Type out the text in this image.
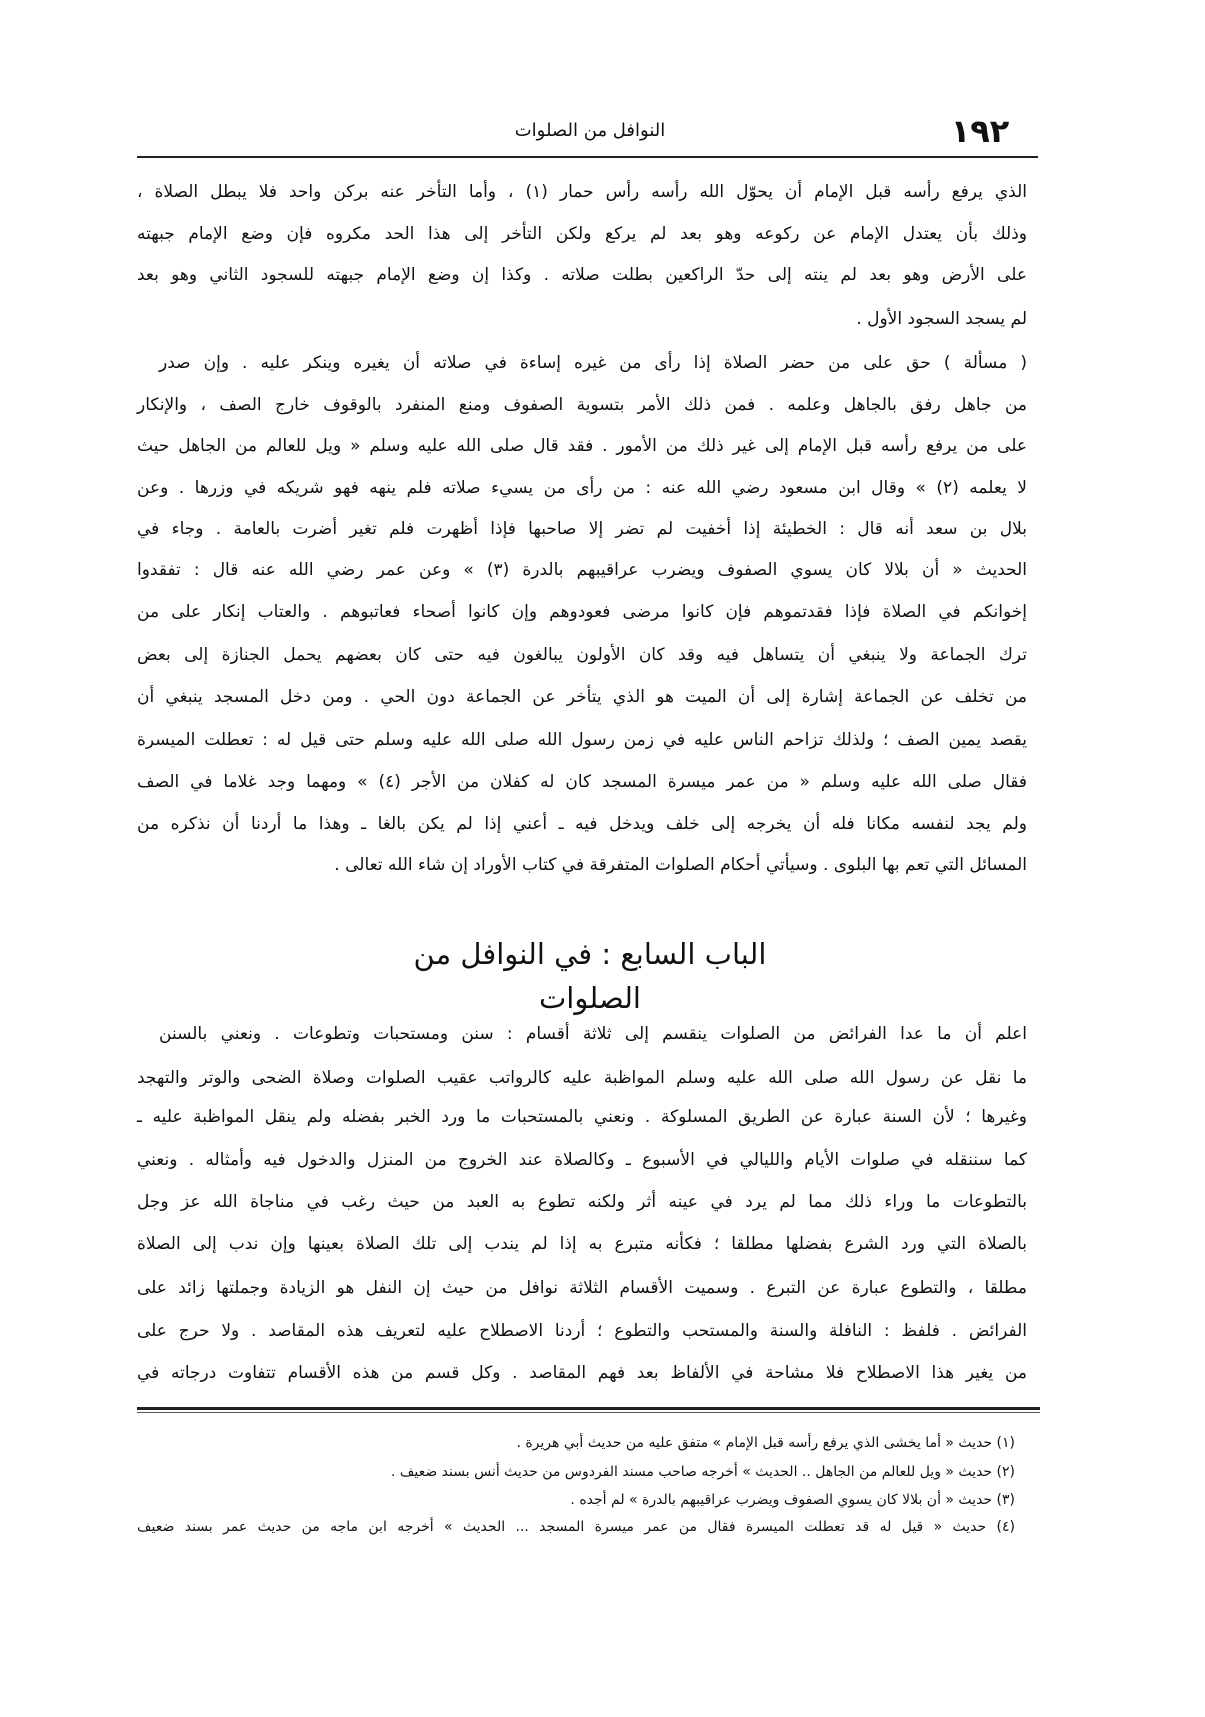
١٩٢
النوافل من الصلوات
الذي يرفع رأسه قبل الإمام أن يحوّل الله رأسه رأس حمار (١) ، وأما التأخر عنه بركن واحد فلا يبطل الصلاة ،
وذلك بأن يعتدل الإمام عن ركوعه وهو بعد لم يركع ولكن التأخر إلى هذا الحد مكروه فإن وضع الإمام جبهته
على الأرض وهو بعد لم ينته إلى حدّ الراكعين بطلت صلاته . وكذا إن وضع الإمام جبهته للسجود الثاني وهو بعد
لم يسجد السجود الأول .
( مسألة ) حق على من حضر الصلاة إذا رأى من غيره إساءة في صلاته أن يغيره وينكر عليه . وإن صدر
من جاهل رفق بالجاهل وعلمه . فمن ذلك الأمر بتسوية الصفوف ومنع المنفرد بالوقوف خارج الصف ، والإنكار
على من يرفع رأسه قبل الإمام إلى غير ذلك من الأمور . فقد قال صلى الله عليه وسلم « ويل للعالم من الجاهل حيث
لا يعلمه (٢) » وقال ابن مسعود رضي الله عنه : من رأى من يسيء صلاته فلم ينهه فهو شريكه في وزرها . وعن
بلال بن سعد أنه قال : الخطيئة إذا أخفيت لم تضر إلا صاحبها فإذا أظهرت فلم تغير أضرت بالعامة . وجاء في
الحديث « أن بلالا كان يسوي الصفوف ويضرب عراقيبهم بالدرة (٣) » وعن عمر رضي الله عنه قال : تفقدوا
إخوانكم في الصلاة فإذا فقدتموهم فإن كانوا مرضى فعودوهم وإن كانوا أصحاء فعاتبوهم . والعتاب إنكار على من
ترك الجماعة ولا ينبغي أن يتساهل فيه وقد كان الأولون يبالغون فيه حتى كان بعضهم يحمل الجنازة إلى بعض
من تخلف عن الجماعة إشارة إلى أن الميت هو الذي يتأخر عن الجماعة دون الحي . ومن دخل المسجد ينبغي أن
يقصد يمين الصف ؛ ولذلك تزاحم الناس عليه في زمن رسول الله صلى الله عليه وسلم حتى قيل له : تعطلت الميسرة
فقال صلى الله عليه وسلم « من عمر ميسرة المسجد كان له كفلان من الأجر (٤) » ومهما وجد غلاما في الصف
ولم يجد لنفسه مكانا فله أن يخرجه إلى خلف ويدخل فيه ـ أعني إذا لم يكن بالغا ـ وهذا ما أردنا أن نذكره من
المسائل التي تعم بها البلوى . وسيأتي أحكام الصلوات المتفرقة في كتاب الأوراد إن شاء الله تعالى .
اعلم أن ما عدا الفرائض من الصلوات ينقسم إلى ثلاثة أقسام : سنن ومستحبات وتطوعات . ونعني بالسنن
ما نقل عن رسول الله صلى الله عليه وسلم المواظبة عليه كالرواتب عقيب الصلوات وصلاة الضحى والوتر والتهجد
وغيرها ؛ لأن السنة عبارة عن الطريق المسلوكة . ونعني بالمستحبات ما ورد الخبر بفضله ولم ينقل المواظبة عليه ـ
كما سننقله في صلوات الأيام والليالي في الأسبوع ـ وكالصلاة عند الخروج من المنزل والدخول فيه وأمثاله . ونعني
بالتطوعات ما وراء ذلك مما لم يرد في عينه أثر ولكنه تطوع به العبد من حيث رغب في مناجاة الله عز وجل
بالصلاة التي ورد الشرع بفضلها مطلقا ؛ فكأنه متبرع به إذا لم يندب إلى تلك الصلاة بعينها وإن ندب إلى الصلاة
مطلقا ، والتطوع عبارة عن التبرع . وسميت الأقسام الثلاثة نوافل من حيث إن النفل هو الزيادة وجملتها زائد على
الفرائض . فلفظ : النافلة والسنة والمستحب والتطوع ؛ أردنا الاصطلاح عليه لتعريف هذه المقاصد . ولا حرج على
من يغير هذا الاصطلاح فلا مشاحة في الألفاظ بعد فهم المقاصد . وكل قسم من هذه الأقسام تتفاوت درجاته في
الباب السابع : في النوافل من الصلوات
(١) حديث « أما يخشى الذي يرفع رأسه قبل الإمام » متفق عليه من حديث أبي هريرة .
(٢) حديث « ويل للعالم من الجاهل .. الحديث » أخرجه صاحب مسند الفردوس من حديث أنس بسند ضعيف .
(٣) حديث « أن بلالا كان يسوي الصفوف ويضرب عراقيبهم بالدرة » لم أجده .
(٤) حديث « قيل له قد تعطلت الميسرة فقال من عمر ميسرة المسجد ... الحديث » أخرجه ابن ماجه من حديث عمر بسند ضعيف
